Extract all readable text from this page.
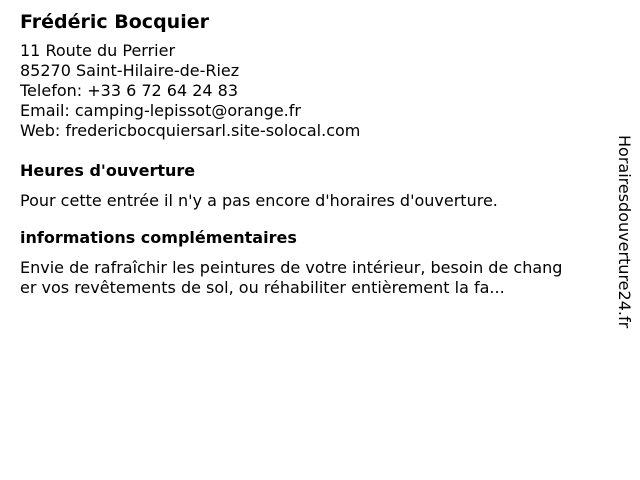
Frédéric Bocquier
11 Route du Perrier
85270 Saint-Hilaire-de-Riez
Telefon: +33 6 72 64 24 83
Email: camping-lepissot@orange.fr
Web: fredericbocquiersarl.site-solocal.com
Heures d'ouverture
Pour cette entrée il n'y a pas encore d'horaires d'ouverture.
informations complémentaires
Envie de rafraîchir les peintures de votre intérieur, besoin de changer vos revêtements de sol, ou réhabiliter entièrement la fa...	Horairesdouverture24.fr
